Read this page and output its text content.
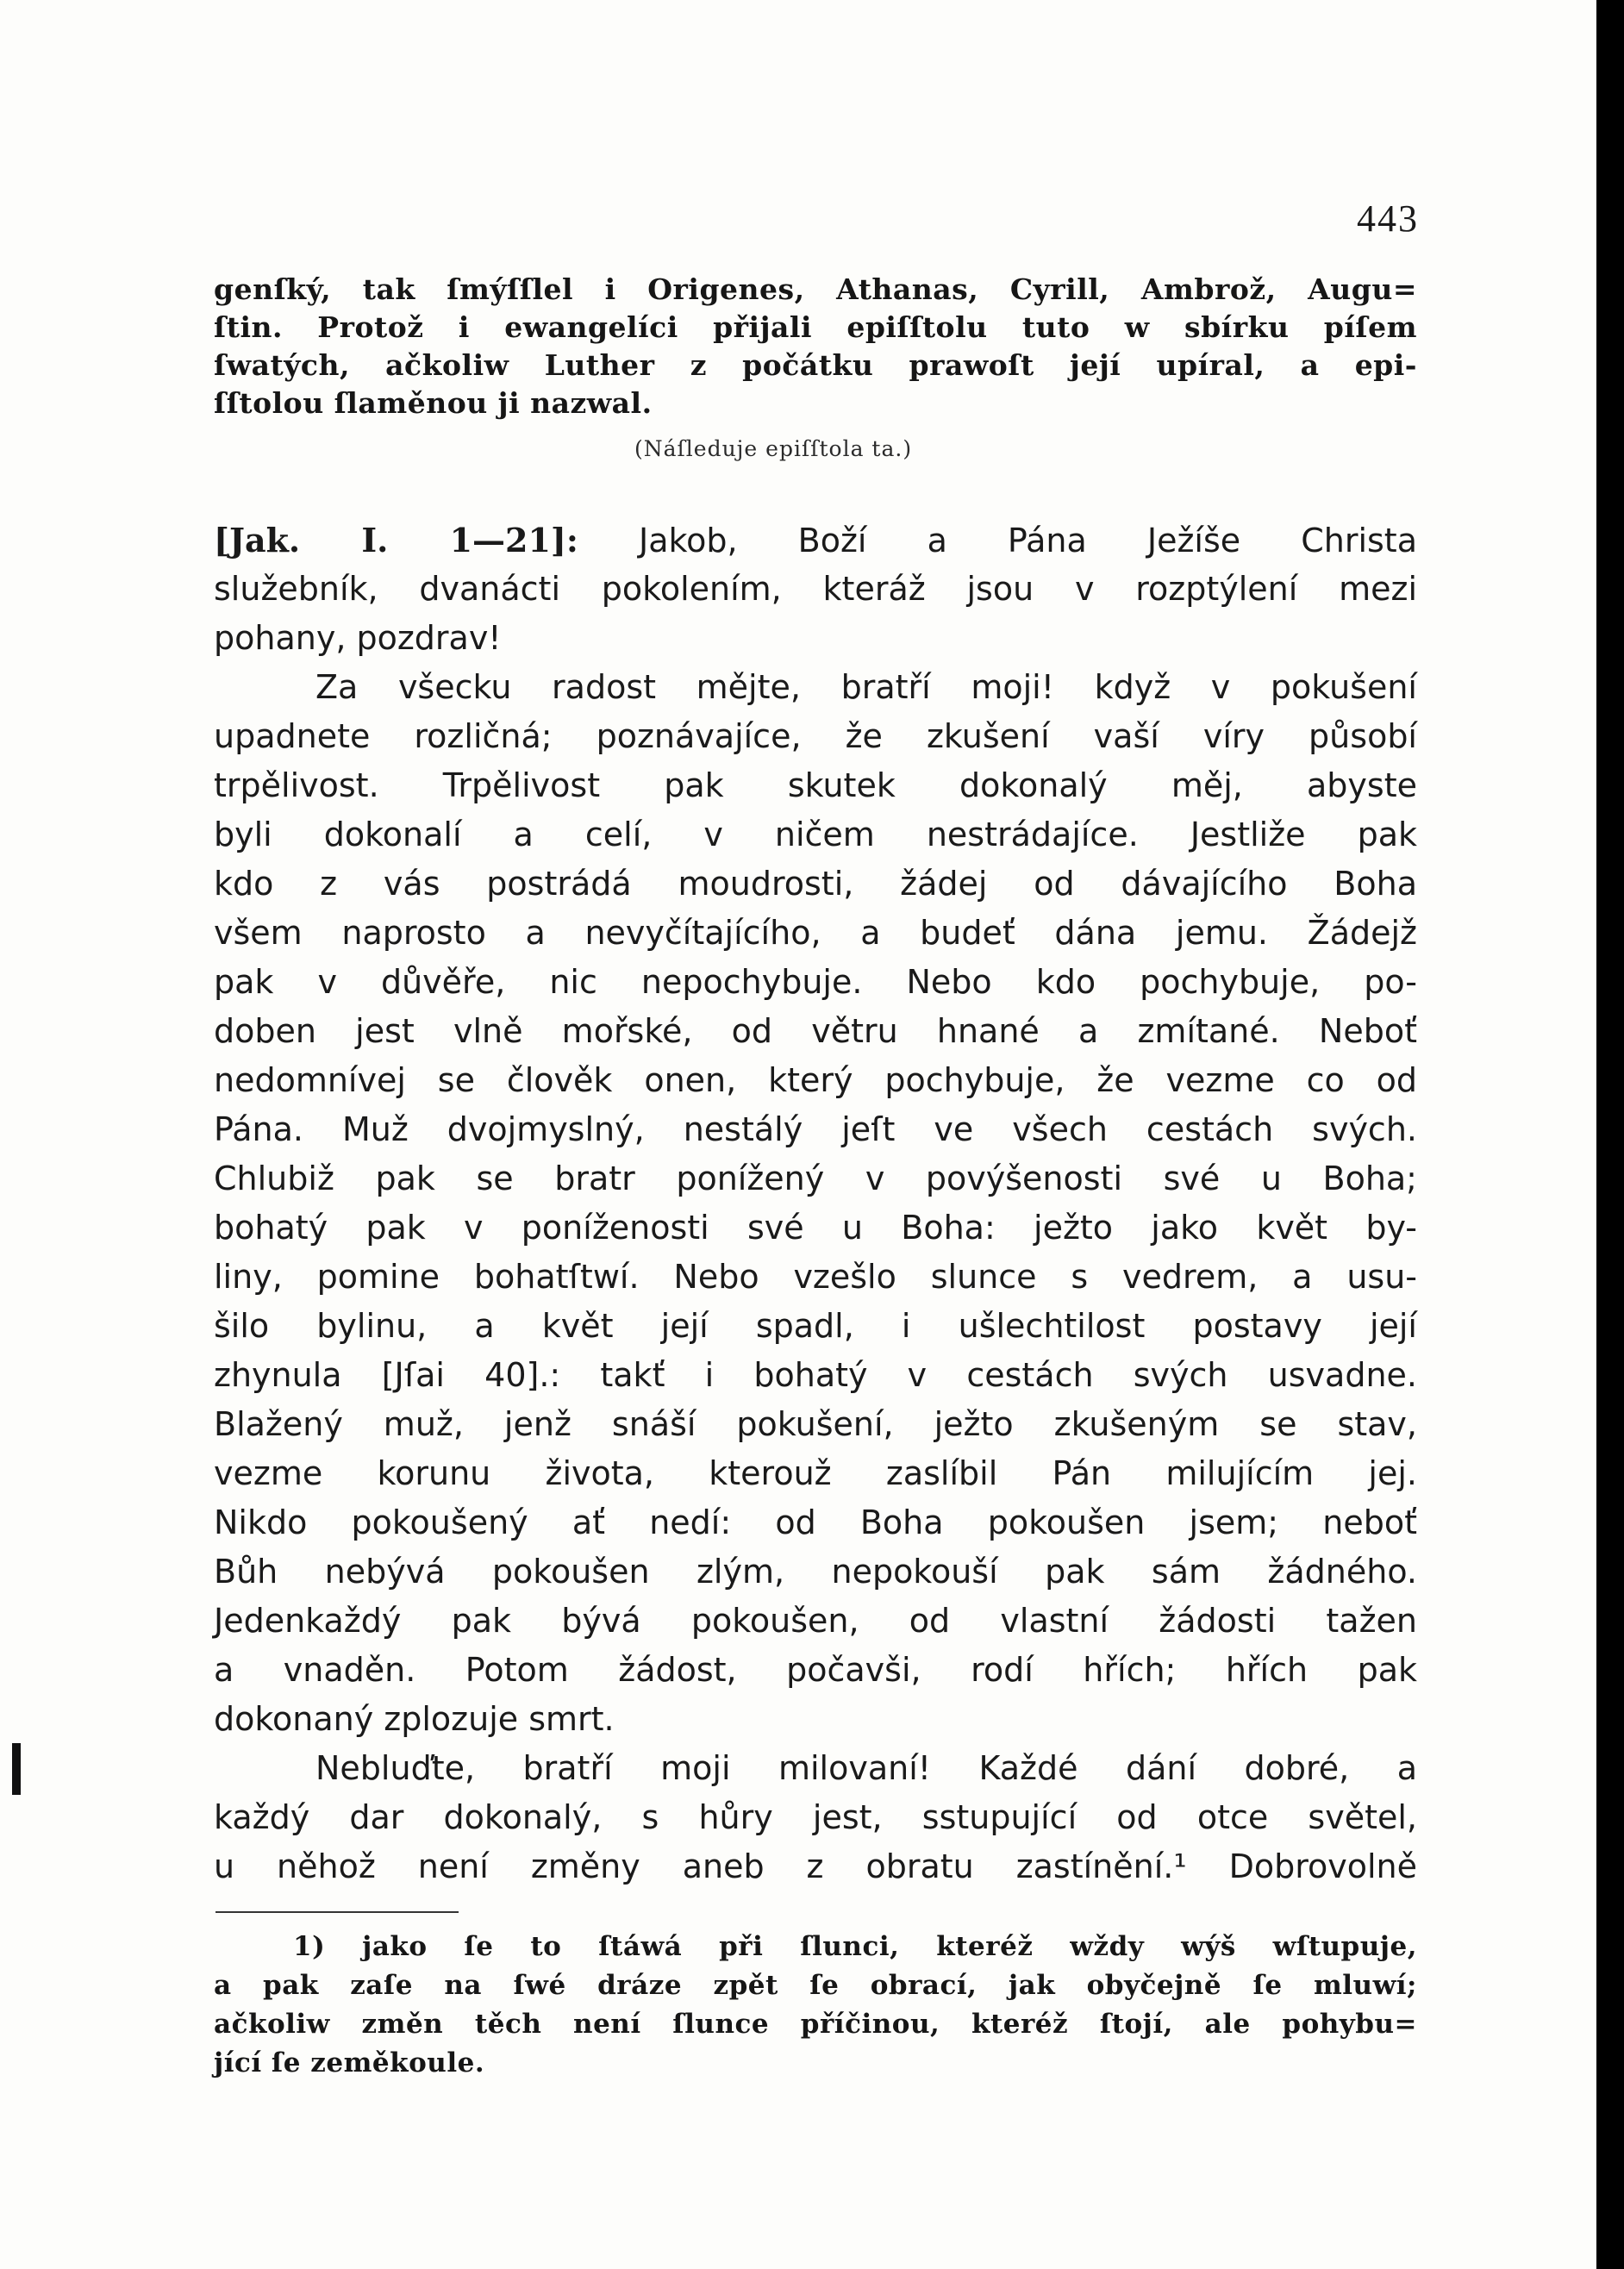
443
genſký, tak ſmýſſlel i Origenes, Athanas, Cyrill, Ambrož, Augu=
ſtin. Protož i ewangelíci přijali epiſſtolu tuto w sbírku píſem
ſwatých, ačkoliw Luther z počátku prawoſt její upíral, a epi-
ſſtolou ſlaměnou ji nazwal.
(Náſleduje epiſſtola ta.)
[Jak. I. 1—21]: Jakob, Boží a Pána Ježíše Christa
služebník, dvanácti pokolením, kteráž jsou v rozptýlení mezi
pohany, pozdrav!
Za všecku radost mějte, bratří moji! když v pokušení
upadnete rozličná; poznávajíce, že zkušení vaší víry působí
trpělivost. Trpělivost pak skutek dokonalý měj, abyste
byli dokonalí a celí, v ničem nestrádajíce. Jestliže pak
kdo z vás postrádá moudrosti, žádej od dávajícího Boha
všem naprosto a nevyčítajícího, a budeť dána jemu. Žádejž
pak v důvěře, nic nepochybuje. Nebo kdo pochybuje, po-
doben jest vlně mořské, od větru hnané a zmítané. Neboť
nedomnívej se člověk onen, který pochybuje, že vezme co od
Pána. Muž dvojmyslný, nestálý jeſt ve všech cestách svých.
Chlubiž pak se bratr ponížený v povýšenosti své u Boha;
bohatý pak v poníženosti své u Boha: ježto jako květ by-
liny, pomine bohatſtwí. Nebo vzešlo slunce s vedrem, a usu-
šilo bylinu, a květ její spadl, i ušlechtilost postavy její
zhynula [Jſai 40].: takť i bohatý v cestách svých usvadne.
Blažený muž, jenž snáší pokušení, ježto zkušeným se stav,
vezme korunu života, kterouž zaslíbil Pán milujícím jej.
Nikdo pokoušený ať nedí: od Boha pokoušen jsem; neboť
Bůh nebývá pokoušen zlým, nepokouší pak sám žádného.
Jedenkaždý pak bývá pokoušen, od vlastní žádosti tažen
a vnaděn. Potom žádost, počavši, rodí hřích; hřích pak
dokonaný zplozuje smrt.
Nebluďte, bratří moji milovaní! Každé dání dobré, a
každý dar dokonalý, s hůry jest, sstupující od otce světel,
u něhož není změny aneb z obratu zastínění.¹ Dobrovolně
1) jako ſe to ſtáwá při ſlunci, kteréž wždy wýš wſtupuje,
a pak zaſe na ſwé dráze zpět ſe obrací, jak obyčejně ſe mluwí;
ačkoliw změn těch není ſlunce příčinou, kteréž ſtojí, ale pohybu=
jící ſe zeměkoule.
